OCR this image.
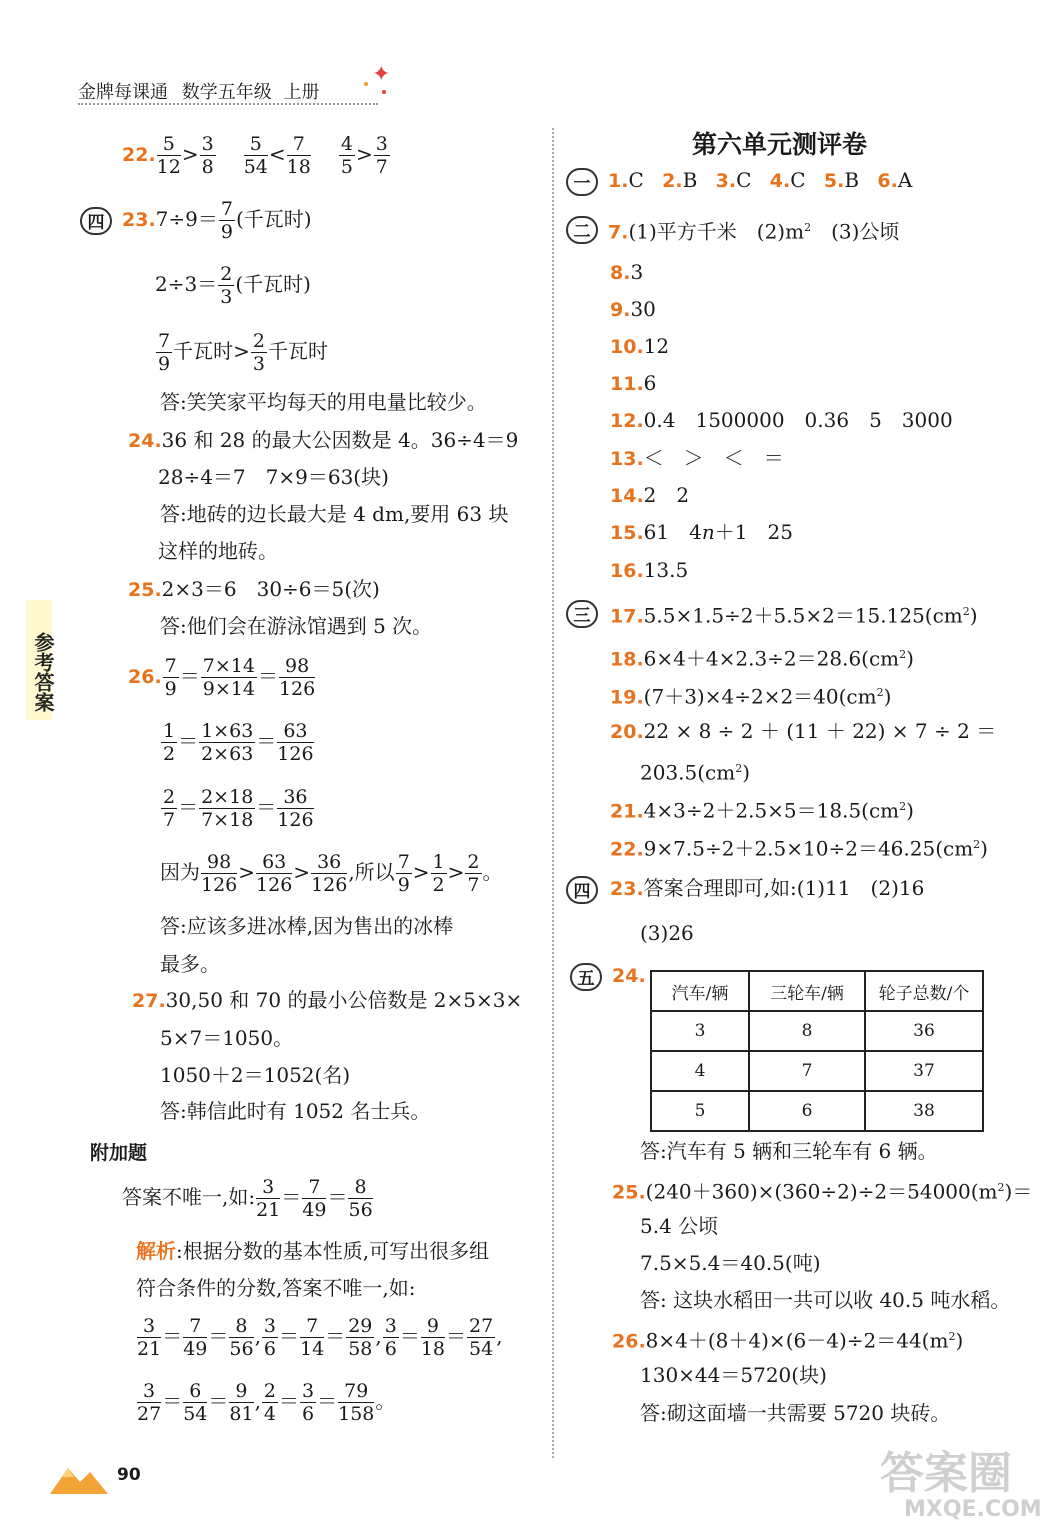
金牌每课通 数学五年级 上册
✦
参考答案
22. $\frac{5}{12} > \frac{3}{8} \frac{5}{54} < \frac{7}{18} \frac{4}{5} > \frac{3}{7}$
四 $23.7\div 9= \frac{7}{9}$ (千瓦时)
$2\div 3= \frac{2}{3}$ (千瓦时)
$\frac{7}{9}$ 千瓦时> $\frac{2}{3}$ 千瓦时
答:笑笑家平均每天的用电量比较少。
24.36 和 28 的最大公因数是 4。36÷4＝9
28÷4＝7　7×9＝63(块)
答:地砖的边长最大是 4 dm,要用 63 块
这样的地砖。
25.2×3＝6　30÷6＝5(次)
答:他们会在游泳馆遇到 5 次。
26. $\frac{7}{9} = \frac{7\times 14}{9\times 14} = \frac{98}{126}$
$\frac{1}{2} = \frac{1\times 63}{2\times 63} = \frac{63}{126}$
$\frac{2}{7} = \frac{2\times 18}{7\times 18} = \frac{36}{126}$
因为 $\frac{98}{126} > \frac{63}{126} > \frac{36}{126}$ ,所以 $\frac{7}{9} > \frac{1}{2} > \frac{2}{7}$ 。
答:应该多进冰棒,因为售出的冰棒
最多。
27.30,50 和 70 的最小公倍数是 2×5×3×
5×7＝1050。
1050＋2＝1052(名)
答:韩信此时有 1052 名士兵。
附加题
答案不唯一,如: $\frac{3}{21} = \frac{7}{49} = \frac{8}{56}$
解析:根据分数的基本性质,可写出很多组
符合条件的分数,答案不唯一,如:
$\frac{3}{21} = \frac{7}{49} = \frac{8}{56}$ , $\frac{3}{6} = \frac{7}{14} = \frac{29}{58}$ , $\frac{3}{6} = \frac{9}{18} = \frac{27}{54}$ ,
$\frac{3}{27} = \frac{6}{54} = \frac{9}{81}$ , $\frac{2}{4} = \frac{3}{6} = \frac{79}{158}$ 。
第六单元测评卷
一 1.C 2.B 3.C 4.C 5.B 6.A
二 7.(1)平方千米　$(2)m^2$　(3)公顷
8.3
9.30
10.12
11.6
12.0.4　1500000　0.36　5　3000
13.＜　＞　＜　＝
14.2　2
15.61　4n＋1　25
16.13.5
三	$17.5.5\times 1.5\div 2+5.5\times 2=15.125(cm^2)$
$18.6\times 4+4\times 2.3\div 2=28.6(cm^2)$
$19.(7+3)\times 4\div 2\times 2=40(cm^2)$
20.22 × 8 ÷ 2 ＋ (11 ＋ 22) × 7 ÷ 2 ＝
$203.5(cm^2)$
$21.4\times 3\div 2+2.5\times 5=18.5(cm^2)$
$22.9\times 7.5\div 2+2.5\times 10\div 2=46.25(cm^2)$
四	23.答案合理即可,如:(1)11　(2)16
(3)26
五 24.
汽车/辆	三轮车/辆	轮子总数/个
3	8	36
4	7	37
5	6	38
答:汽车有 5 辆和三轮车有 6 辆。
$25.(240+360)\times(360\div 2)\div 2=54000(m^2)=$
5.4 公顷
7.5×5.4＝40.5(吨)
答: 这块水稻田一共可以收 40.5 吨水稻。
$26.8\times 4+(8+4)\times(6-4)\div 2=44(m^2)$
130×44＝5720(块)
答:砌这面墙一共需要 5720 块砖。
90	答案圈
MXQE.COM
